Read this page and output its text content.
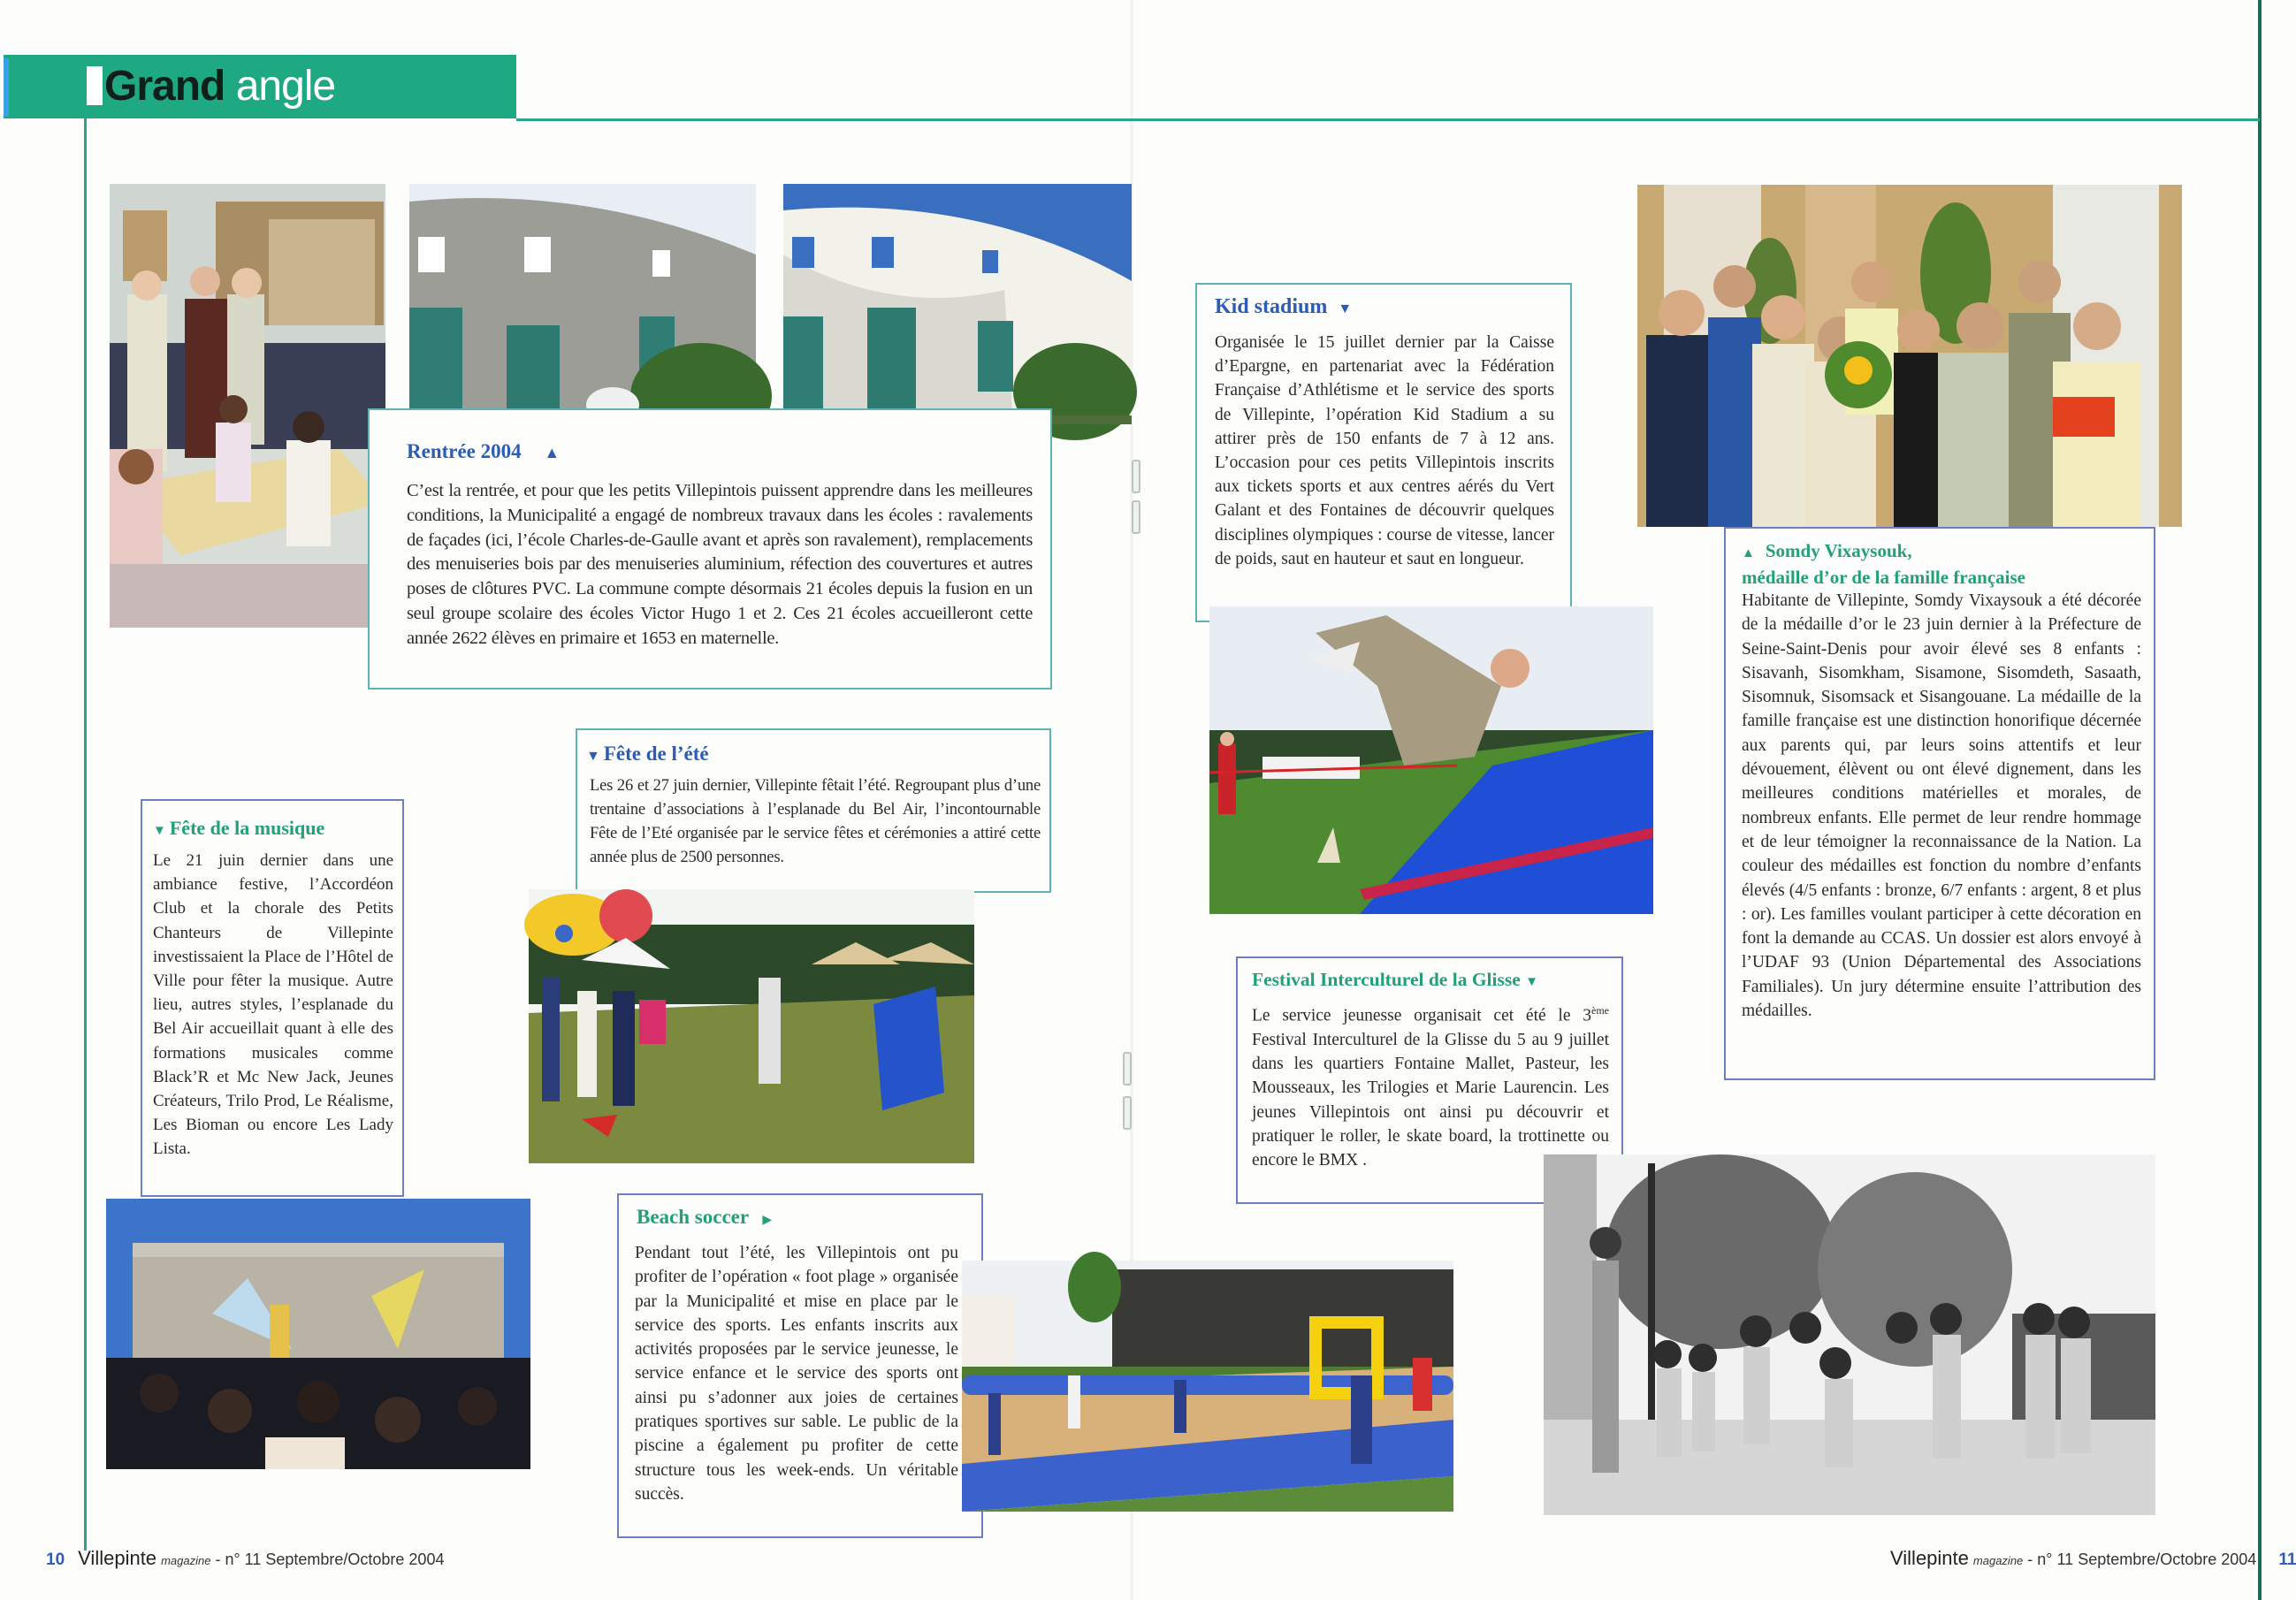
Grand angle
Rentrée 2004 ▲
C’est la rentrée, et pour que les petits Villepintois puissent apprendre dans les meilleures conditions, la Municipalité a engagé de nombreux travaux dans les écoles : ravalements de façades (ici, l’école Charles-de-Gaulle avant et après son ravalement), remplacements des menuiseries bois par des menuiseries aluminium, réfection des couvertures et autres poses de clôtures PVC. La commune compte désormais 21 écoles depuis la fusion en un seul groupe scolaire des écoles Victor Hugo 1 et 2. Ces 21 écoles accueilleront cette année 2622 élèves en primaire et 1653 en maternelle.
Kid stadium ▼
Organisée le 15 juillet dernier par la Caisse d’Epargne, en partenariat avec la Fédération Française d’Athlétisme et le service des sports de Villepinte, l’opération Kid Stadium a su attirer près de 150 enfants de 7 à 12 ans. L’occasion pour ces petits Villepintois inscrits aux tickets sports et aux centres aérés du Vert Galant et des Fontaines de découvrir quelques disciplines olympiques : course de vitesse, lancer de poids, saut en hauteur et saut en longueur.	▲ Somdy Vixaysouk,
médaille d’or de la famille française
Habitante de Villepinte, Somdy Vixaysouk a été décorée de la médaille d’or le 23 juin dernier à la Préfecture de Seine-Saint-Denis pour avoir élevé ses 8 enfants : Sisavanh, Sisomkham, Sisamone, Sisomdeth, Sasaath, Sisomnuk, Sisomsack et Sisangouane. La médaille de la famille française est une distinction honorifique décernée aux parents qui, par leurs soins attentifs et leur dévouement, élèvent ou ont élevé dignement, dans les meilleures conditions matérielles et morales, de nombreux enfants. Elle permet de leur rendre hommage et de leur témoigner la reconnaissance de la Nation. La couleur des médailles est fonction du nombre d’enfants élevés (4/5 enfants : bronze, 6/7 enfants : argent, 8 et plus : or). Les familles voulant participer à cette décoration en font la demande au CCAS. Un dossier est alors envoyé à l’UDAF 93 (Union Départemental des Associations Familiales). Un jury détermine ensuite l’attribution des médailles.
▼ Fête de l’été
Les 26 et 27 juin dernier, Villepinte fêtait l’été. Regroupant plus d’une trentaine d’associations à l’esplanade du Bel Air, l’incontournable Fête de l’Eté organisée par le service fêtes et cérémonies a attiré cette année plus de 2500 personnes.
▼ Fête de la musique
Le 21 juin dernier dans une ambiance festive, l’Accordéon Club et la chorale des Petits Chanteurs de Villepinte investissaient la Place de l’Hôtel de Ville pour fêter la musique. Autre lieu, autres styles, l’esplanade du Bel Air accueillait quant à elle des formations musicales comme Black’R et Mc New Jack, Jeunes Créateurs, Trilo Prod, Le Réalisme, Les Bioman ou encore Les Lady Lista.
Beach soccer ▶
Pendant tout l’été, les Villepintois ont pu profiter de l’opération « foot plage » organisée par la Municipalité et mise en place par le service des sports. Les enfants inscrits aux activités proposées par le service jeunesse, le service enfance et le service des sports ont ainsi pu s’adonner aux joies de certaines pratiques sportives sur sable. Le public de la piscine a également pu profiter de cette structure tous les week-ends. Un véritable succès.
Festival Interculturel de la Glisse ▼
Le service jeunesse organisait cet été le 3ème Festival Interculturel de la Glisse du 5 au 9 juillet dans les quartiers Fontaine Mallet, Pasteur, les Mousseaux, les Trilogies et Marie Laurencin. Les jeunes Villepintois ont ainsi pu découvrir et pratiquer le roller, le skate board, la trottinette ou encore le BMX .
10 Villepinte magazine - n° 11 Septembre/Octobre 2004	Villepinte magazine - n° 11 Septembre/Octobre 2004 11
